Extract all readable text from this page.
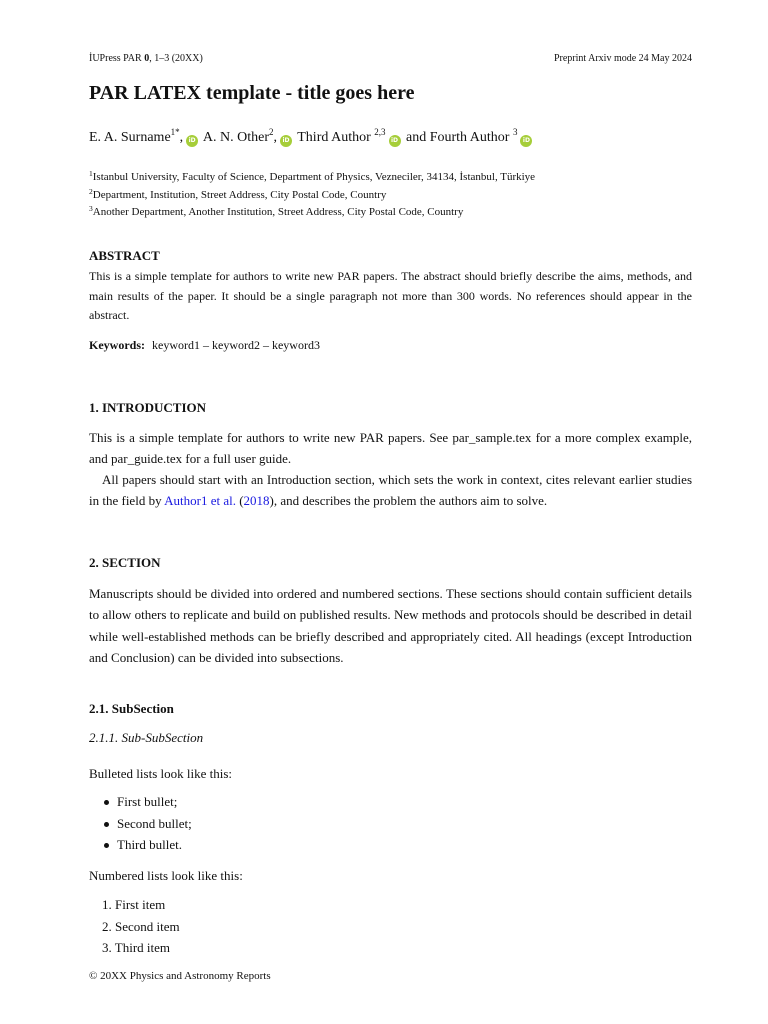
İUPress PAR 0, 1–3 (20XX)	Preprint Arxiv mode 24 May 2024
PAR LATEX template - title goes here
E. A. Surname$^{1*}$, iD A. N. Other$^2$, iD Third Author $^{2,3}$iD and Fourth Author $^3$iD
$^1$Istanbul University, Faculty of Science, Department of Physics, Vezneciler, 34134, İstanbul, Türkiye
$^2$Department, Institution, Street Address, City Postal Code, Country
$^3$Another Department, Another Institution, Street Address, City Postal Code, Country
ABSTRACT

This is a simple template for authors to write new PAR papers. The abstract should briefly describe the aims, methods, and main results of the paper. It should be a single paragraph not more than 300 words. No references should appear in the abstract.

Keywords: keyword1 – keyword2 – keyword3
1. INTRODUCTION

This is a simple template for authors to write new PAR papers. See par_sample.tex for a more complex example, and par_guide.tex for a full user guide.

All papers should start with an Introduction section, which sets the work in context, cites relevant earlier studies in the field by Author1 et al. (2018), and describes the problem the authors aim to solve.

2. SECTION

Manuscripts should be divided into ordered and numbered sections. These sections should contain sufficient details to allow others to replicate and build on published results. New methods and protocols should be described in detail while well-established methods can be briefly described and appropriately cited. All headings (except Introduction and Conclusion) can be divided into subsections.

2.1. SubSection
2.1.1. Sub-SubSection

Bulleted lists look like this:

First bullet;
Second bullet;
Third bullet.

Numbered lists look like this:

1. First item
2. Second item
3. Third item
© 20XX Physics and Astronomy Reports
